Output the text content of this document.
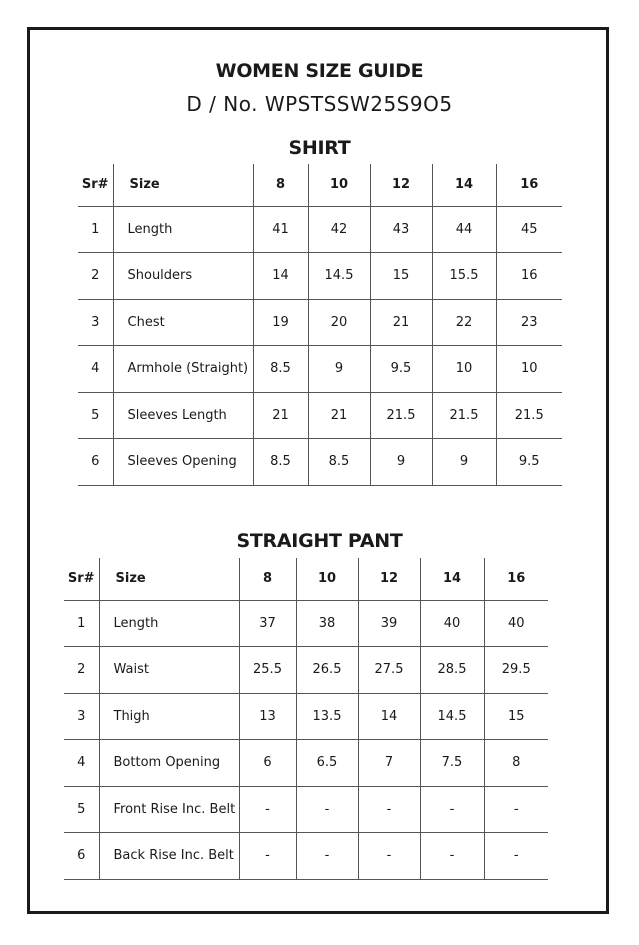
WOMEN SIZE GUIDE
D / No. WPSTSSW25S9O5
SHIRT
Sr#	Size	8	10	12	14	16
1	Length	41	42	43	44	45
2	Shoulders	14	14.5	15	15.5	16
3	Chest	19	20	21	22	23
4	Armhole (Straight)	8.5	9	9.5	10	10
5	Sleeves Length	21	21	21.5	21.5	21.5
6	Sleeves Opening	8.5	8.5	9	9	9.5
STRAIGHT PANT
Sr#	Size	8	10	12	14	16
1	Length	37	38	39	40	40
2	Waist	25.5	26.5	27.5	28.5	29.5
3	Thigh	13	13.5	14	14.5	15
4	Bottom Opening	6	6.5	7	7.5	8
5	Front Rise Inc. Belt	-	-	-	-	-
6	Back Rise Inc. Belt	-	-	-	-	-
